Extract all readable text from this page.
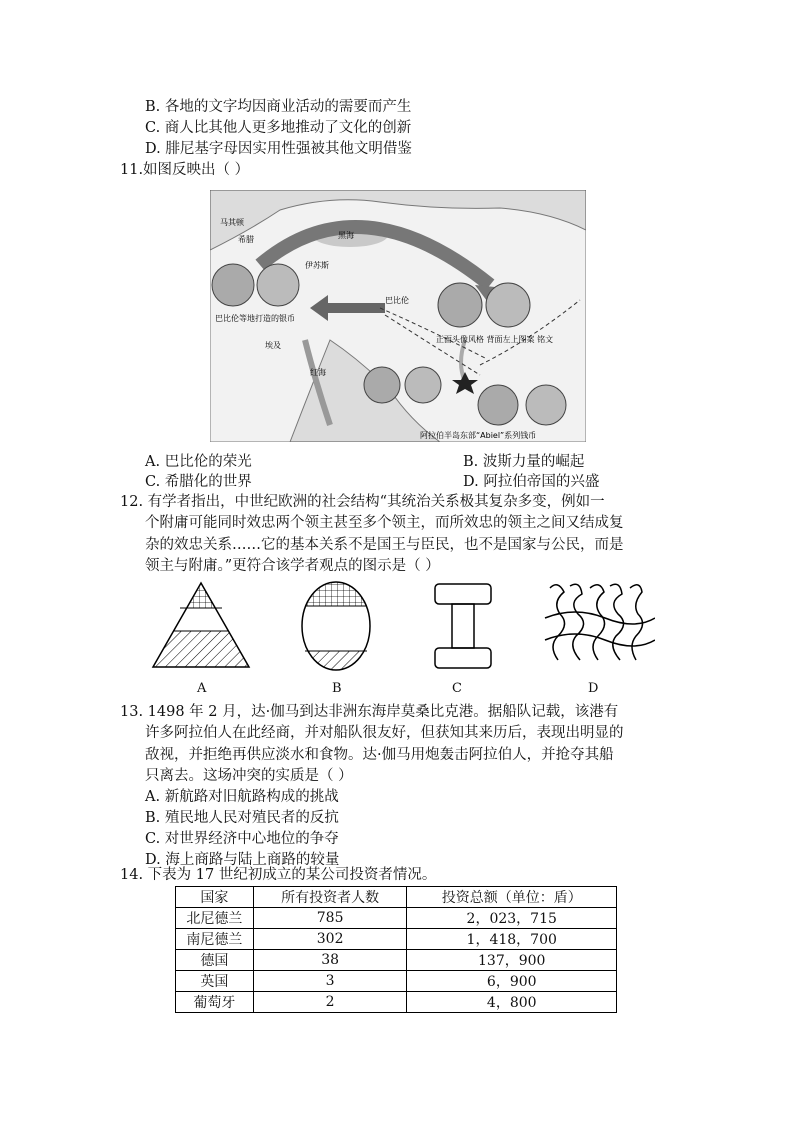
B. 各地的文字均因商业活动的需要而产生
C. 商人比其他人更多地推动了文化的创新
D. 腓尼基字母因实用性强被其他文明借鉴
11.如图反映出（ ）
巴比伦等地打造的银币
正面头像风格 背面左上图案 铭文
阿拉伯半岛东部“Abiel”系列钱币
马其顿
希腊	黑海
伊苏斯
巴比伦
埃及
红海
A. 巴比伦的荣光	B. 波斯力量的崛起
C. 希腊化的世界	D. 阿拉伯帝国的兴盛
12. 有学者指出，中世纪欧洲的社会结构“其统治关系极其复杂多变，例如一
个附庸可能同时效忠两个领主甚至多个领主，而所效忠的领主之间又结成复
杂的效忠关系……它的基本关系不是国王与臣民，也不是国家与公民，而是
领主与附庸。”更符合该学者观点的图示是（ ）
A	B	C	D
13. 1498 年 2 月，达·伽马到达非洲东海岸莫桑比克港。据船队记载，该港有
许多阿拉伯人在此经商，并对船队很友好，但获知其来历后，表现出明显的
敌视，并拒绝再供应淡水和食物。达·伽马用炮轰击阿拉伯人，并抢夺其船
只离去。这场冲突的实质是（ ）
A. 新航路对旧航路构成的挑战
B. 殖民地人民对殖民者的反抗
C. 对世界经济中心地位的争夺
D. 海上商路与陆上商路的较量
14. 下表为 17 世纪初成立的某公司投资者情况。
国家	所有投资者人数	投资总额（单位：盾）
北尼德兰	785	2，023，715
南尼德兰	302	1，418，700
德国	38	137，900
英国	3	6，900
葡萄牙	2	4，800
